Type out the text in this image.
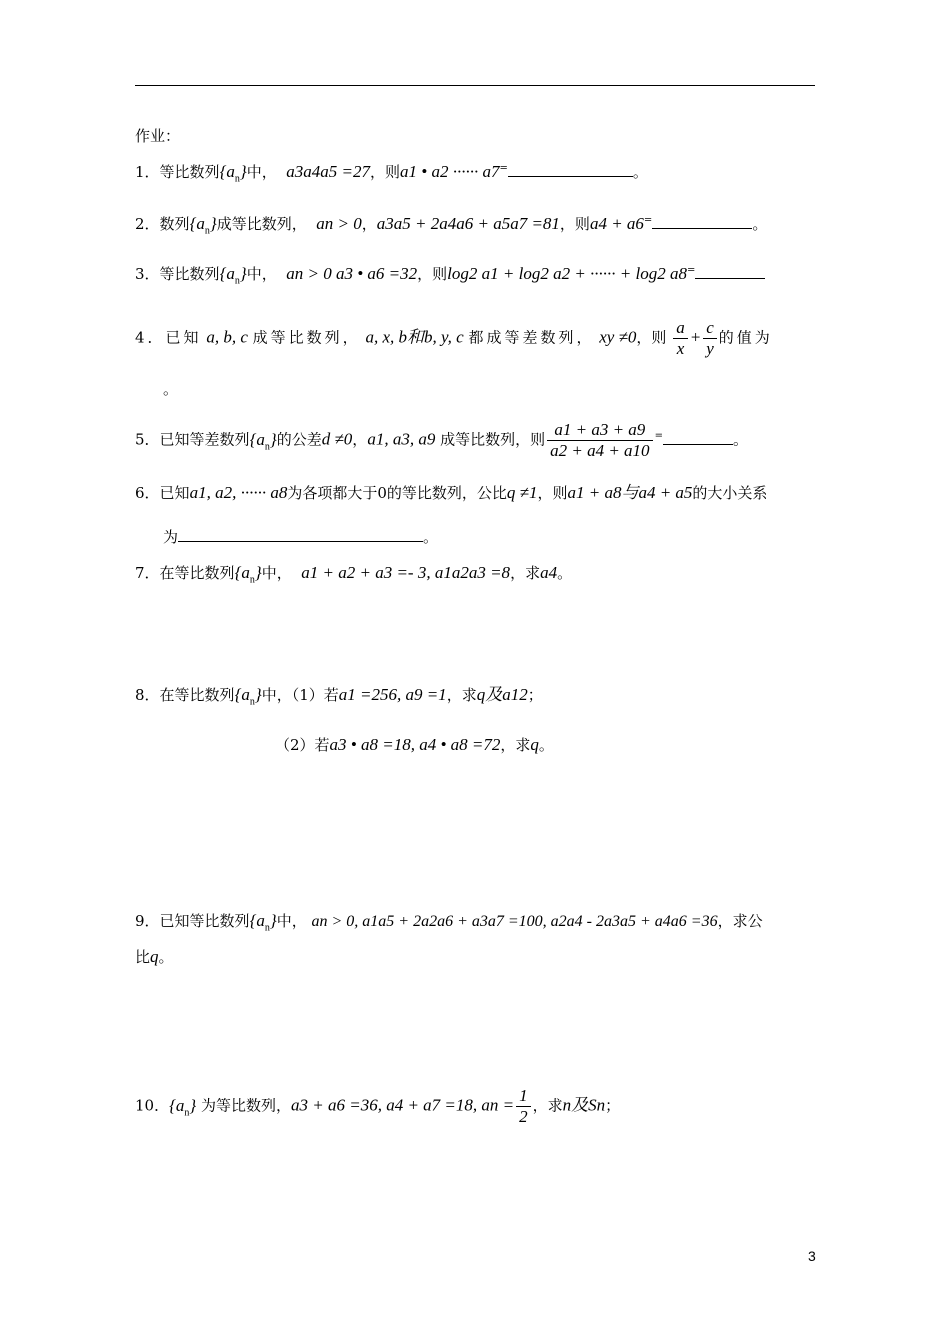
作业：
1．等比数列$\{a_n\}$中， a3a4a5 =27，则a1 • a2 ······ a7=	。
2．数列$\{a_n\}$成等比数列， an > 0，a3a5 + 2a4a6 + a5a7 =81，则a4 + a6=	。
3．等比数列$\{a_n\}$中， an > 0 a3 • a6 =32，则log2 a1 + log2 a2 + ······ + log2 a8=
4．已知 a, b, c 成等比数列， a, x, b和b, y, c 都成等差数列， xy ≠0，则 $\frac{a}{x} + \frac{c}{y}$ 的值为
。
5．已知等差数列$\{a_n\}$的公差d ≠0，a1, a3, a9 成等比数列，则 $\frac{a1 + a3 + a9}{a2 + a4 + a10} ^=$	。
6．已知a1, a2, ······ a8为各项都大于0的等比数列，公比q ≠1，则a1 + a8与a4 + a5的大小关系
为	。
7．在等比数列$\{a_n\}$中， a1 + a2 + a3 =- 3, a1a2a3 =8，求a4。
8．在等比数列$\{a_n\}$中，（1）若a1 =256, a9 =1，求q及a12；
（2）若a3 • a8 =18, a4 • a8 =72，求q。
9．已知等比数列$\{a_n\}$中， an > 0, a1a5 + 2a2a6 + a3a7 =100, a2a4 - 2a3a5 + a4a6 =36，求公
比q。
10．$\{a_n\}$ 为等比数列，a3 + a6 =36, a4 + a7 =18, an = $\frac{1}{2}$ ，求n及Sn；
3
